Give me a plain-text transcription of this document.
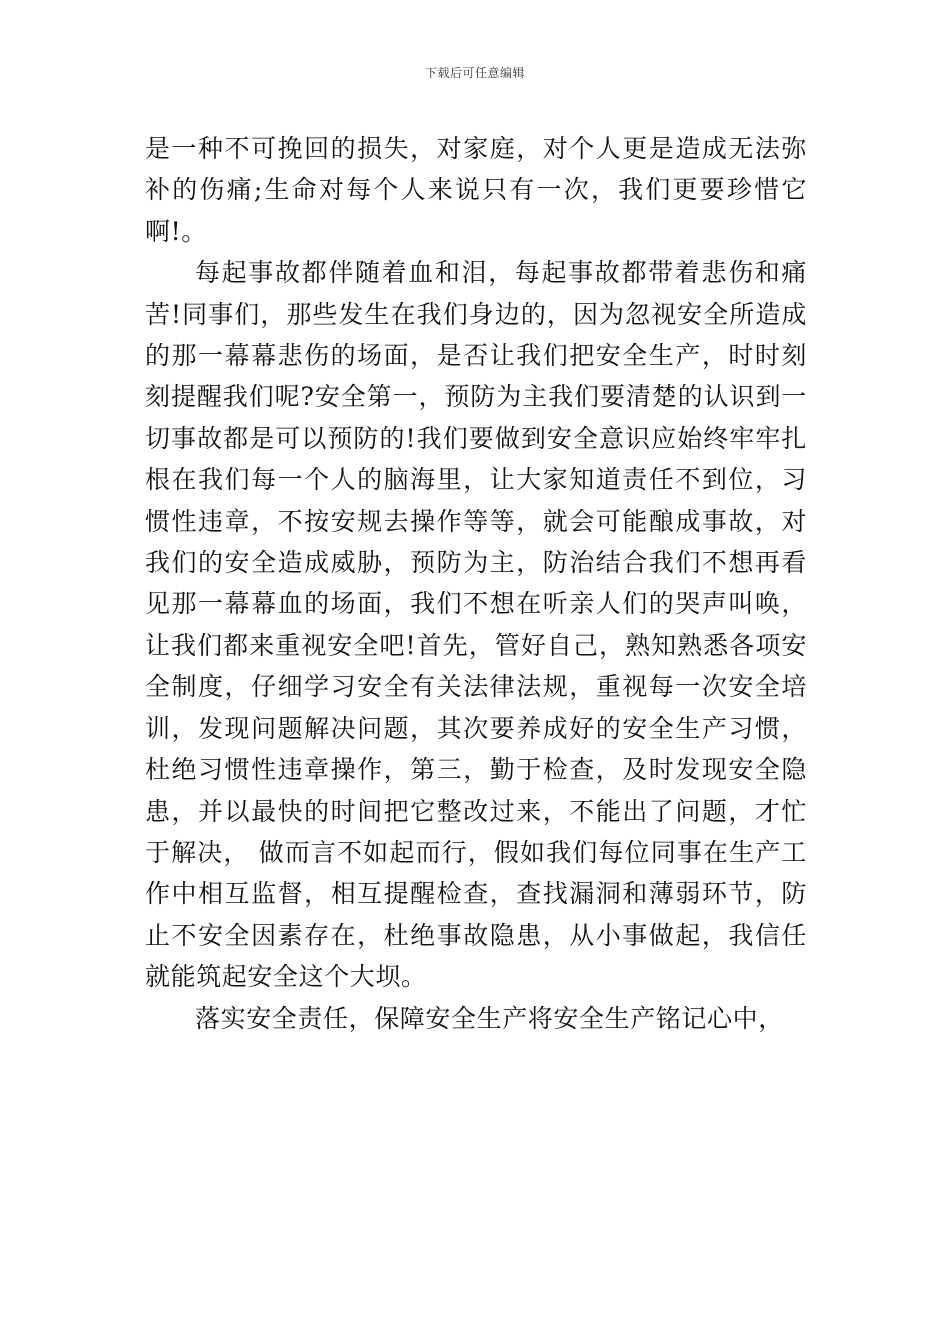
下载后可任意编辑

是一种不可挽回的损失，对家庭，对个人更是造成无法弥补的伤痛;生命对每个人来说只有一次，我们更要珍惜它啊!。

每起事故都伴随着血和泪，每起事故都带着悲伤和痛苦!同事们，那些发生在我们身边的，因为忽视安全所造成的那一幕幕悲伤的场面，是否让我们把安全生产，时时刻刻提醒我们呢?安全第一，预防为主我们要清楚的认识到一切事故都是可以预防的!我们要做到安全意识应始终牢牢扎根在我们每一个人的脑海里，让大家知道责任不到位，习惯性违章，不按安规去操作等等，就会可能酿成事故，对我们的安全造成威胁，预防为主，防治结合我们不想再看见那一幕幕血的场面，我们不想在听亲人们的哭声叫唤，让我们都来重视安全吧!首先，管好自己，熟知熟悉各项安全制度，仔细学习安全有关法律法规，重视每一次安全培训，发现问题解决问题，其次要养成好的安全生产习惯，杜绝习惯性违章操作，第三，勤于检查，及时发现安全隐患，并以最快的时间把它整改过来，不能出了问题，才忙于解决， 做而言不如起而行，假如我们每位同事在生产工作中相互监督，相互提醒检查，查找漏洞和薄弱环节，防止不安全因素存在，杜绝事故隐患，从小事做起，我信任就能筑起安全这个大坝。

落实安全责任，保障安全生产将安全生产铭记心中，
